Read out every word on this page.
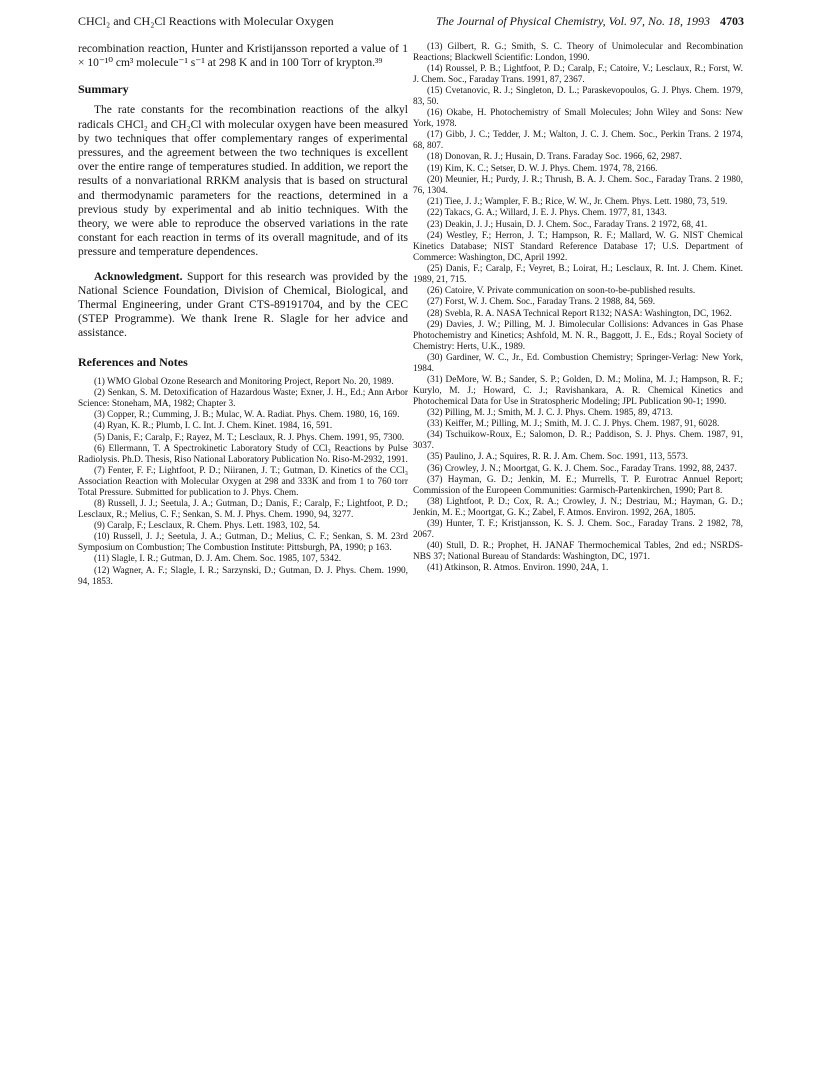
CHCl₂ and CH₂Cl Reactions with Molecular Oxygen	The Journal of Physical Chemistry, Vol. 97, No. 18, 1993 4703

recombination reaction, Hunter and Kristijansson reported a value of 1 × 10⁻¹⁰ cm³ molecule⁻¹ s⁻¹ at 298 K and in 100 Torr of krypton.³⁹

Summary

The rate constants for the recombination reactions of the alkyl radicals CHCl₂ and CH₂Cl with molecular oxygen have been measured by two techniques that offer complementary ranges of experimental pressures, and the agreement between the two techniques is excellent over the entire range of temperatures studied. In addition, we report the results of a nonvariational RRKM analysis that is based on structural and thermodynamic parameters for the reactions, determined in a previous study by experimental and ab initio techniques. With the theory, we were able to reproduce the observed variations in the rate constant for each reaction in terms of its overall magnitude, and of its pressure and temperature dependences.

Acknowledgment. Support for this research was provided by the National Science Foundation, Division of Chemical, Biological, and Thermal Engineering, under Grant CTS-89191704, and by the CEC (STEP Programme). We thank Irene R. Slagle for her advice and assistance.

References and Notes

(1) WMO Global Ozone Research and Monitoring Project, Report No. 20, 1989.

(2) Senkan, S. M. Detoxification of Hazardous Waste; Exner, J. H., Ed.; Ann Arbor Science: Stoneham, MA, 1982; Chapter 3.

(3) Copper, R.; Cumming, J. B.; Mulac, W. A. Radiat. Phys. Chem. 1980, 16, 169.

(4) Ryan, K. R.; Plumb, I. C. Int. J. Chem. Kinet. 1984, 16, 591.

(5) Danis, F.; Caralp, F.; Rayez, M. T.; Lesclaux, R. J. Phys. Chem. 1991, 95, 7300.

(6) Ellermann, T. A Spectrokinetic Laboratory Study of CCl₃ Reactions by Pulse Radiolysis. Ph.D. Thesis, Riso National Laboratory Publication No. Riso-M-2932, 1991.

(7) Fenter, F. F.; Lightfoot, P. D.; Niiranen, J. T.; Gutman, D. Kinetics of the CCl₃ Association Reaction with Molecular Oxygen at 298 and 333K and from 1 to 760 torr Total Pressure. Submitted for publication to J. Phys. Chem.

(8) Russell, J. J.; Seetula, J. A.; Gutman, D.; Danis, F.; Caralp, F.; Lightfoot, P. D.; Lesclaux, R.; Melius, C. F.; Senkan, S. M. J. Phys. Chem. 1990, 94, 3277.

(9) Caralp, F.; Lesclaux, R. Chem. Phys. Lett. 1983, 102, 54.

(10) Russell, J. J.; Seetula, J. A.; Gutman, D.; Melius, C. F.; Senkan, S. M. 23rd Symposium on Combustion; The Combustion Institute: Pittsburgh, PA, 1990; p 163.

(11) Slagle, I. R.; Gutman, D. J. Am. Chem. Soc. 1985, 107, 5342.

(12) Wagner, A. F.; Slagle, I. R.; Sarzynski, D.; Gutman, D. J. Phys. Chem. 1990, 94, 1853.

(13) Gilbert, R. G.; Smith, S. C. Theory of Unimolecular and Recombination Reactions; Blackwell Scientific: London, 1990.

(14) Roussel, P. B.; Lightfoot, P. D.; Caralp, F.; Catoire, V.; Lesclaux, R.; Forst, W. J. Chem. Soc., Faraday Trans. 1991, 87, 2367.

(15) Cvetanovic, R. J.; Singleton, D. L.; Paraskevopoulos, G. J. Phys. Chem. 1979, 83, 50.

(16) Okabe, H. Photochemistry of Small Molecules; John Wiley and Sons: New York, 1978.

(17) Gibb, J. C.; Tedder, J. M.; Walton, J. C. J. Chem. Soc., Perkin Trans. 2 1974, 68, 807.

(18) Donovan, R. J.; Husain, D. Trans. Faraday Soc. 1966, 62, 2987.

(19) Kim, K. C.; Setser, D. W. J. Phys. Chem. 1974, 78, 2166.

(20) Meunier, H.; Purdy, J. R.; Thrush, B. A. J. Chem. Soc., Faraday Trans. 2 1980, 76, 1304.

(21) Tiee, J. J.; Wampler, F. B.; Rice, W. W., Jr. Chem. Phys. Lett. 1980, 73, 519.

(22) Takacs, G. A.; Willard, J. E. J. Phys. Chem. 1977, 81, 1343.

(23) Deakin, J. J.; Husain, D. J. Chem. Soc., Faraday Trans. 2 1972, 68, 41.

(24) Westley, F.; Herron, J. T.; Hampson, R. F.; Mallard, W. G. NIST Chemical Kinetics Database; NIST Standard Reference Database 17; U.S. Department of Commerce: Washington, DC, April 1992.

(25) Danis, F.; Caralp, F.; Veyret, B.; Loirat, H.; Lesclaux, R. Int. J. Chem. Kinet. 1989, 21, 715.

(26) Catoire, V. Private communication on soon-to-be-published results.

(27) Forst, W. J. Chem. Soc., Faraday Trans. 2 1988, 84, 569.

(28) Svebla, R. A. NASA Technical Report R132; NASA: Washington, DC, 1962.

(29) Davies, J. W.; Pilling, M. J. Bimolecular Collisions: Advances in Gas Phase Photochemistry and Kinetics; Ashfold, M. N. R., Baggott, J. E., Eds.; Royal Society of Chemistry: Herts, U.K., 1989.

(30) Gardiner, W. C., Jr., Ed. Combustion Chemistry; Springer-Verlag: New York, 1984.

(31) DeMore, W. B.; Sander, S. P.; Golden, D. M.; Molina, M. J.; Hampson, R. F.; Kurylo, M. J.; Howard, C. J.; Ravishankara, A. R. Chemical Kinetics and Photochemical Data for Use in Stratospheric Modeling; JPL Publication 90-1; 1990.

(32) Pilling, M. J.; Smith, M. J. C. J. Phys. Chem. 1985, 89, 4713.

(33) Keiffer, M.; Pilling, M. J.; Smith, M. J. C. J. Phys. Chem. 1987, 91, 6028.

(34) Tschuikow-Roux, E.; Salomon, D. R.; Paddison, S. J. Phys. Chem. 1987, 91, 3037.

(35) Paulino, J. A.; Squires, R. R. J. Am. Chem. Soc. 1991, 113, 5573.

(36) Crowley, J. N.; Moortgat, G. K. J. Chem. Soc., Faraday Trans. 1992, 88, 2437.

(37) Hayman, G. D.; Jenkin, M. E.; Murrells, T. P. Eurotrac Annuel Report; Commission of the Europeen Communities: Garmisch-Partenkirchen, 1990; Part 8.

(38) Lightfoot, P. D.; Cox, R. A.; Crowley, J. N.; Destriau, M.; Hayman, G. D.; Jenkin, M. E.; Moortgat, G. K.; Zabel, F. Atmos. Environ. 1992, 26A, 1805.

(39) Hunter, T. F.; Kristjansson, K. S. J. Chem. Soc., Faraday Trans. 2 1982, 78, 2067.

(40) Stull, D. R.; Prophet, H. JANAF Thermochemical Tables, 2nd ed.; NSRDS-NBS 37; National Bureau of Standards: Washington, DC, 1971.

(41) Atkinson, R. Atmos. Environ. 1990, 24A, 1.
